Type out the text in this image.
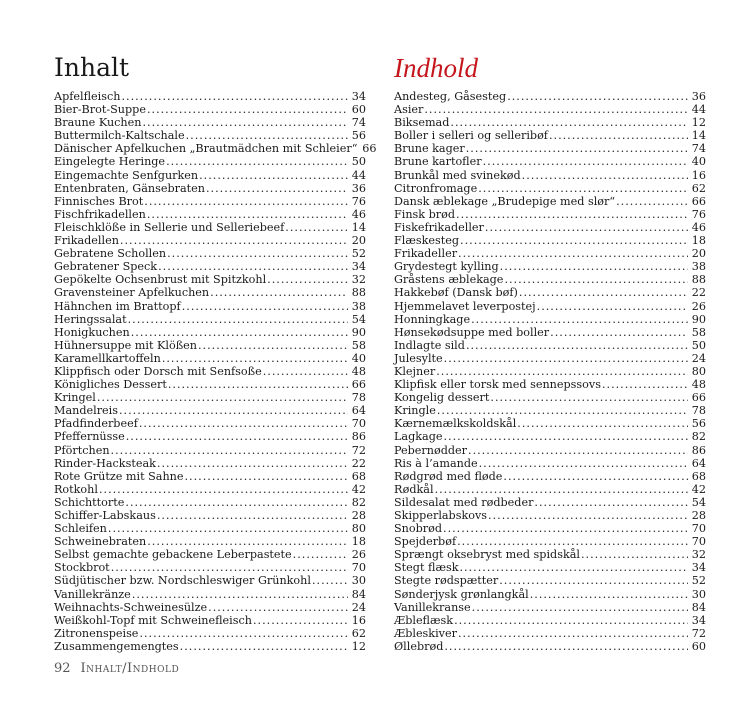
Inhalt
Apfelfleisch .....	34
Bier-Brot-Suppe .....	60
Braune Kuchen .....	74
Buttermilch-Kaltschale .....	56
Dänischer Apfelkuchen „Brautmädchen mit Schleier“ 66
Eingelegte Heringe .....	50
Eingemachte Senfgurken .....	44
Entenbraten, Gänsebraten .....	36
Finnisches Brot .....	76
Fischfrikadellen .....	46
Fleischklöße in Sellerie und Selleriebeef .....	14
Frikadellen .....	20
Gebratene Schollen .....	52
Gebratener Speck .....	34
Gepökelte Ochsenbrust mit Spitzkohl .....	32
Gravensteiner Apfelkuchen .....	88
Hähnchen im Brattopf .....	38
Heringssalat .....	54
Honigkuchen .....	90
Hühnersuppe mit Klößen .....	58
Karamellkartoffeln .....	40
Klippfisch oder Dorsch mit Senfsoße .....	48
Königliches Dessert .....	66
Kringel .....	78
Mandelreis .....	64
Pfadfinderbeef .....	70
Pfeffernüsse .....	86
Pförtchen .....	72
Rinder-Hacksteak .....	22
Rote Grütze mit Sahne .....	68
Rotkohl .....	42
Schichttorte .....	82
Schiffer-Labskaus .....	28
Schleifen .....	80
Schweinebraten .....	18
Selbst gemachte gebackene Leberpastete .....	26
Stockbrot .....	70
Südjütischer bzw. Nordschleswiger Grünkohl .....	30
Vanillekränze .....	84
Weihnachts-Schweinesülze .....	24
Weißkohl-Topf mit Schweinefleisch .....	16
Zitronenspeise .....	62
Zusammengemengtes .....	12
Indhold
Andesteg, Gåsesteg .....	36
Asier .....	44
Biksemad .....	12
Boller i selleri og selleribøf .....	14
Brune kager .....	74
Brune kartofler .....	40
Brunkål med svinekød .....	16
Citronfromage .....	62
Dansk æblekage „Brudepige med slør“ .....	66
Finsk brød .....	76
Fiskefrikadeller .....	46
Flæskesteg .....	18
Frikadeller .....	20
Grydestegt kylling .....	38
Gråstens æblekage .....	88
Hakkebøf (Dansk bøf) .....	22
Hjemmelavet leverpostej .....	26
Honningkage .....	90
Hønsekødsuppe med boller .....	58
Indlagte sild .....	50
Julesylte .....	24
Klejner .....	80
Klipfisk eller torsk med sennepssovs .....	48
Kongelig dessert .....	66
Kringle .....	78
Kærnemælkskoldskål .....	56
Lagkage .....	82
Pebernødder .....	86
Ris à l’amande .....	64
Rødgrød med fløde .....	68
Rødkål .....	42
Sildesalat med rødbeder .....	54
Skipperlabskovs .....	28
Snobrød .....	70
Spejderbøf .....	70
Sprængt oksebryst med spidskål .....	32
Stegt flæsk .....	34
Stegte rødspætter .....	52
Sønderjysk grønlangkål .....	30
Vanillekranse .....	84
Æbleflæsk .....	34
Æbleskiver .....	72
Øllebrød .....	60
92 Inhalt/Indhold
